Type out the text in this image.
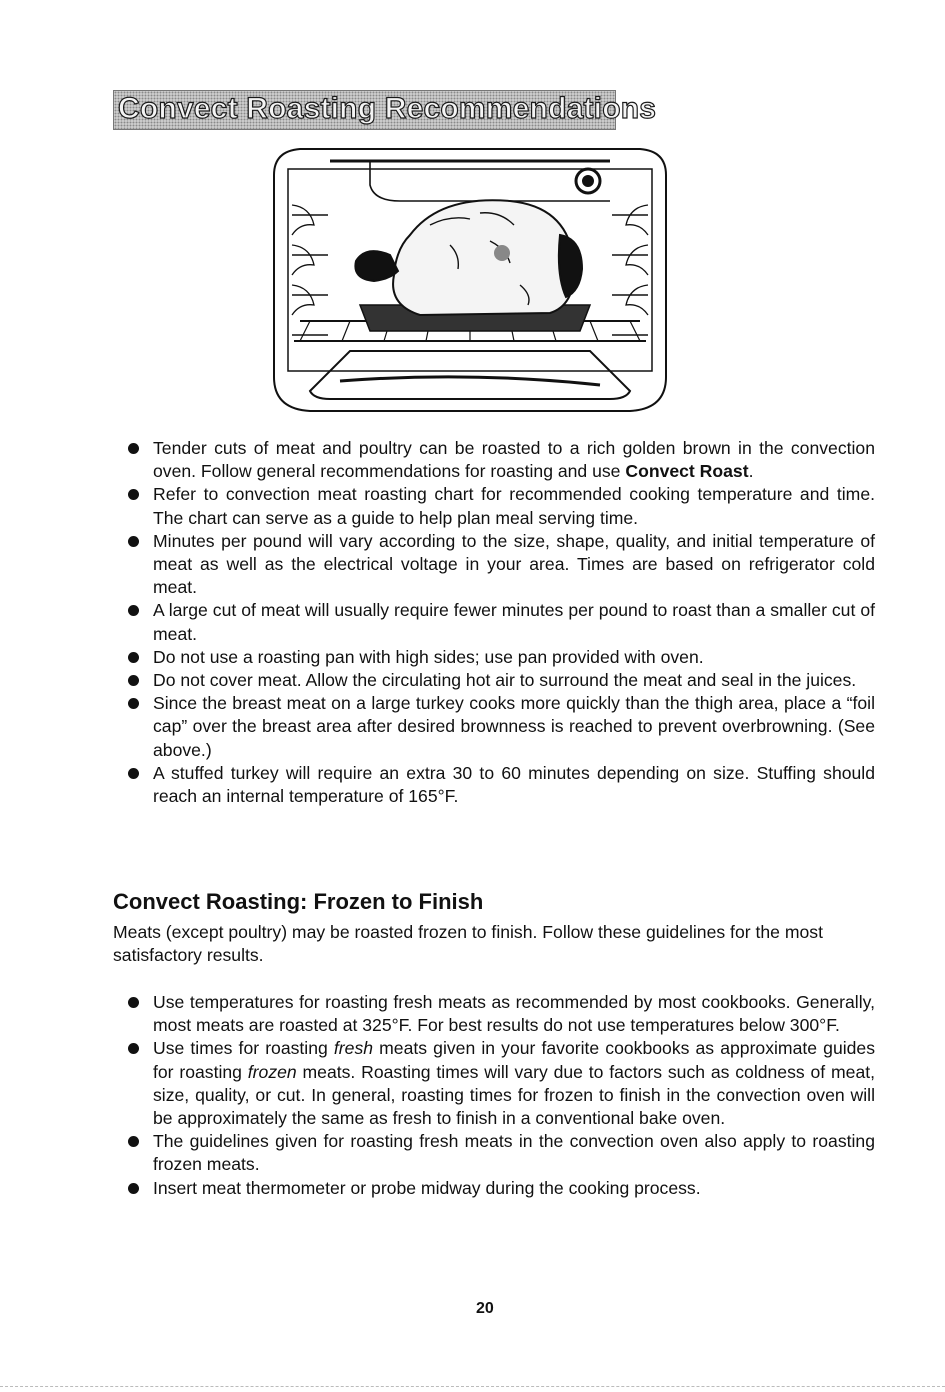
Convect Roasting Recommendations
Tender cuts of meat and poultry can be roasted to a rich golden brown in the convection oven. Follow general recommendations for roasting and use Convect Roast.
Refer to convection meat roasting chart for recommended cooking temperature and time. The chart can serve as a guide to help plan meal serving time.
Minutes per pound will vary according to the size, shape, quality, and initial temperature of meat as well as the electrical voltage in your area. Times are based on refrigerator cold meat.
A large cut of meat will usually require fewer minutes per pound to roast than a smaller cut of meat.
Do not use a roasting pan with high sides; use pan provided with oven.
Do not cover meat. Allow the circulating hot air to surround the meat and seal in the juices.
Since the breast meat on a large turkey cooks more quickly than the thigh area, place a “foil cap” over the breast area after desired brownness is reached to prevent overbrowning. (See above.)
A stuffed turkey will require an extra 30 to 60 minutes depending on size. Stuffing should reach an internal temperature of 165°F.
Convect Roasting: Frozen to Finish

Meats (except poultry) may be roasted frozen to finish. Follow these guidelines for the most satisfactory results.

Use temperatures for roasting fresh meats as recommended by most cookbooks. Generally, most meats are roasted at 325°F. For best results do not use temperatures below 300°F.
Use times for roasting fresh meats given in your favorite cookbooks as approximate guides for roasting frozen meats. Roasting times will vary due to factors such as coldness of meat, size, quality, or cut. In general, roasting times for frozen to finish in the convection oven will be approximately the same as fresh to finish in a conventional bake oven.
The guidelines given for roasting fresh meats in the convection oven also apply to roasting frozen meats.
Insert meat thermometer or probe midway during the cooking process.
20
